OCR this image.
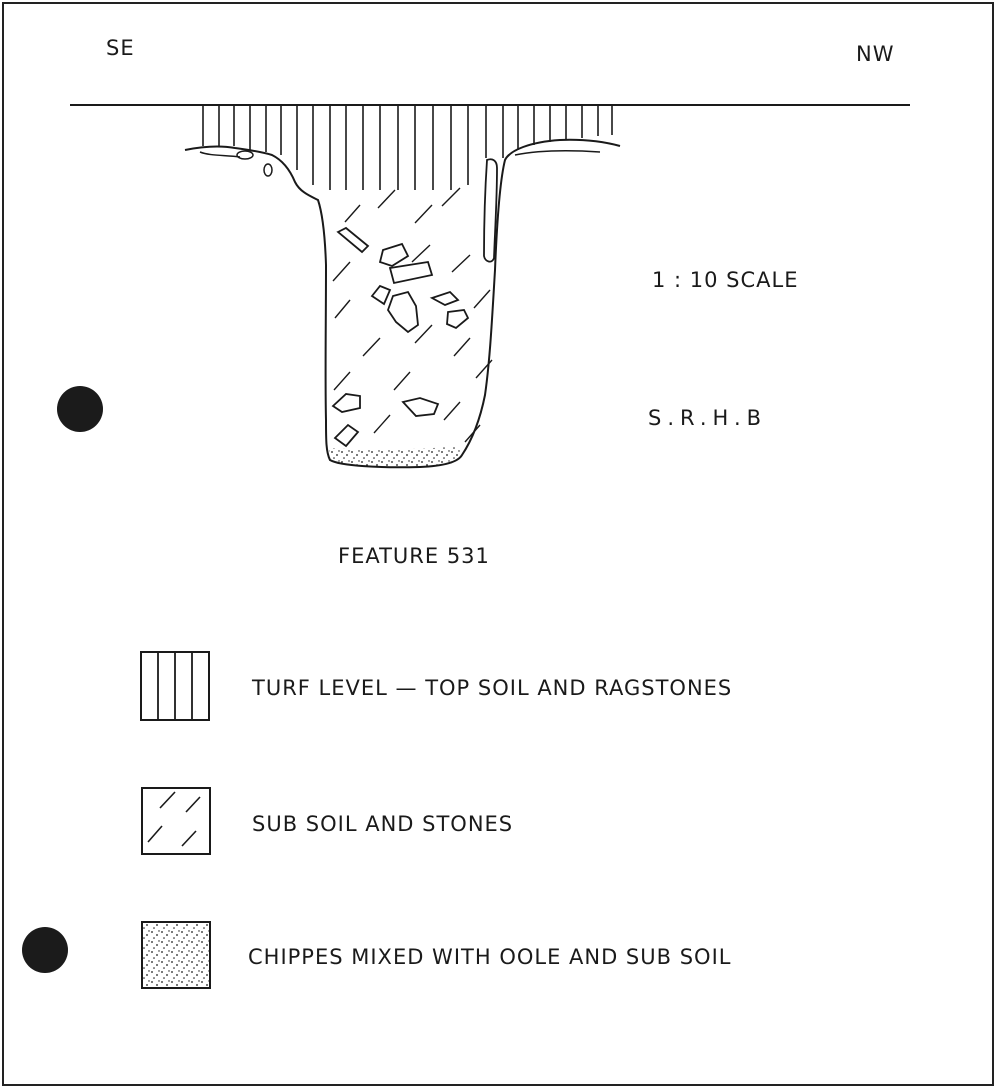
SE	NW
1 : 10 SCALE
S.R.H.B
FEATURE 531
TURF LEVEL — TOP SOIL AND RAGSTONES
SUB SOIL AND STONES
CHIPPES MIXED WITH OOLE AND SUB SOIL
